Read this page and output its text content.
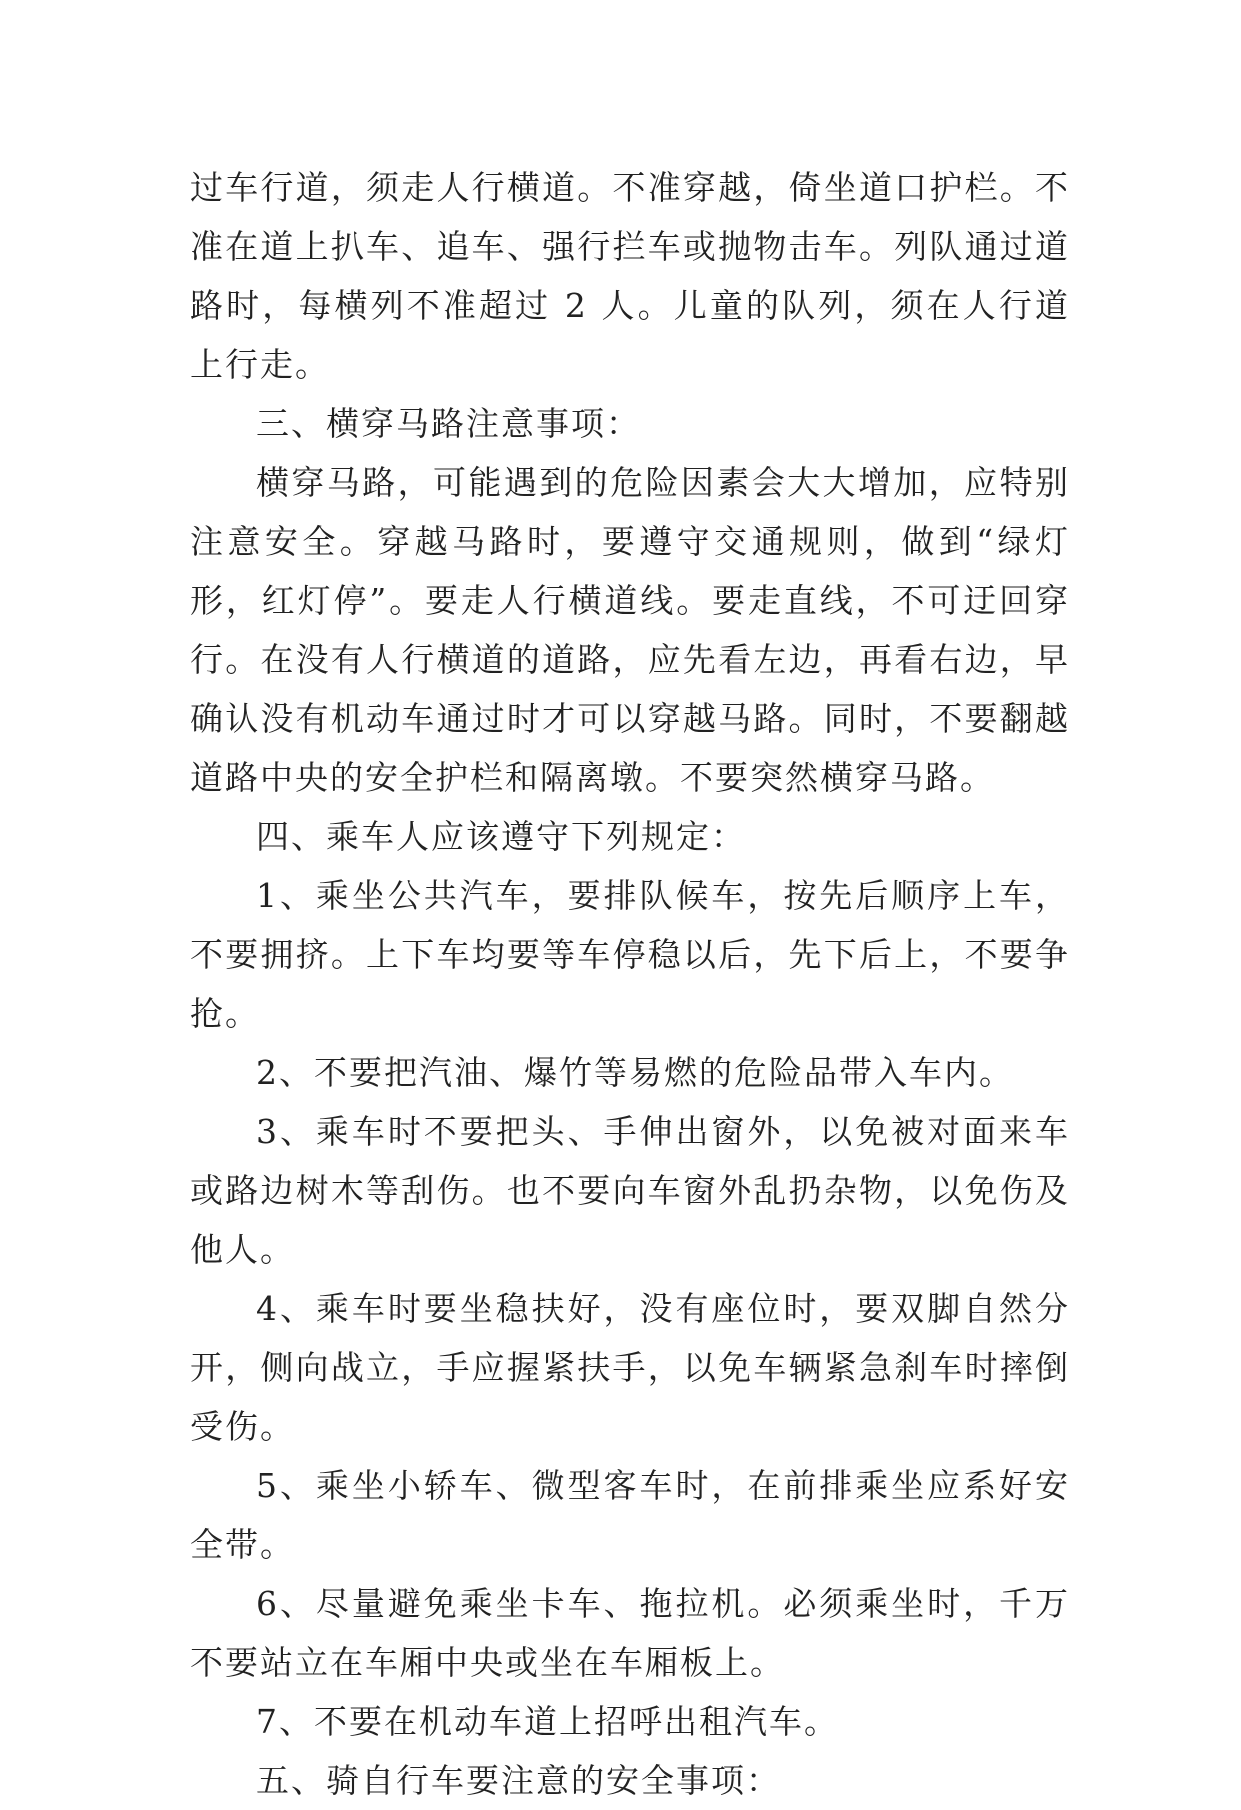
过车行道，须走人行横道。不准穿越，倚坐道口护栏。不准在道上扒车、追车、强行拦车或抛物击车。列队通过道路时，每横列不准超过 2 人。儿童的队列，须在人行道上行走。

三、横穿马路注意事项：

横穿马路，可能遇到的危险因素会大大增加，应特别注意安全。穿越马路时，要遵守交通规则，做到“绿灯形，红灯停”。要走人行横道线。要走直线，不可迂回穿行。在没有人行横道的道路，应先看左边，再看右边，早确认没有机动车通过时才可以穿越马路。同时，不要翻越道路中央的安全护栏和隔离墩。不要突然横穿马路。

四、乘车人应该遵守下列规定：

1、乘坐公共汽车，要排队候车，按先后顺序上车，不要拥挤。上下车均要等车停稳以后，先下后上，不要争抢。

2、不要把汽油、爆竹等易燃的危险品带入车内。

3、乘车时不要把头、手伸出窗外，以免被对面来车或路边树木等刮伤。也不要向车窗外乱扔杂物，以免伤及他人。

4、乘车时要坐稳扶好，没有座位时，要双脚自然分开，侧向战立，手应握紧扶手，以免车辆紧急刹车时摔倒受伤。

5、乘坐小轿车、微型客车时，在前排乘坐应系好安全带。

6、尽量避免乘坐卡车、拖拉机。必须乘坐时，千万不要站立在车厢中央或坐在车厢板上。

7、不要在机动车道上招呼出租汽车。

五、骑自行车要注意的安全事项：
